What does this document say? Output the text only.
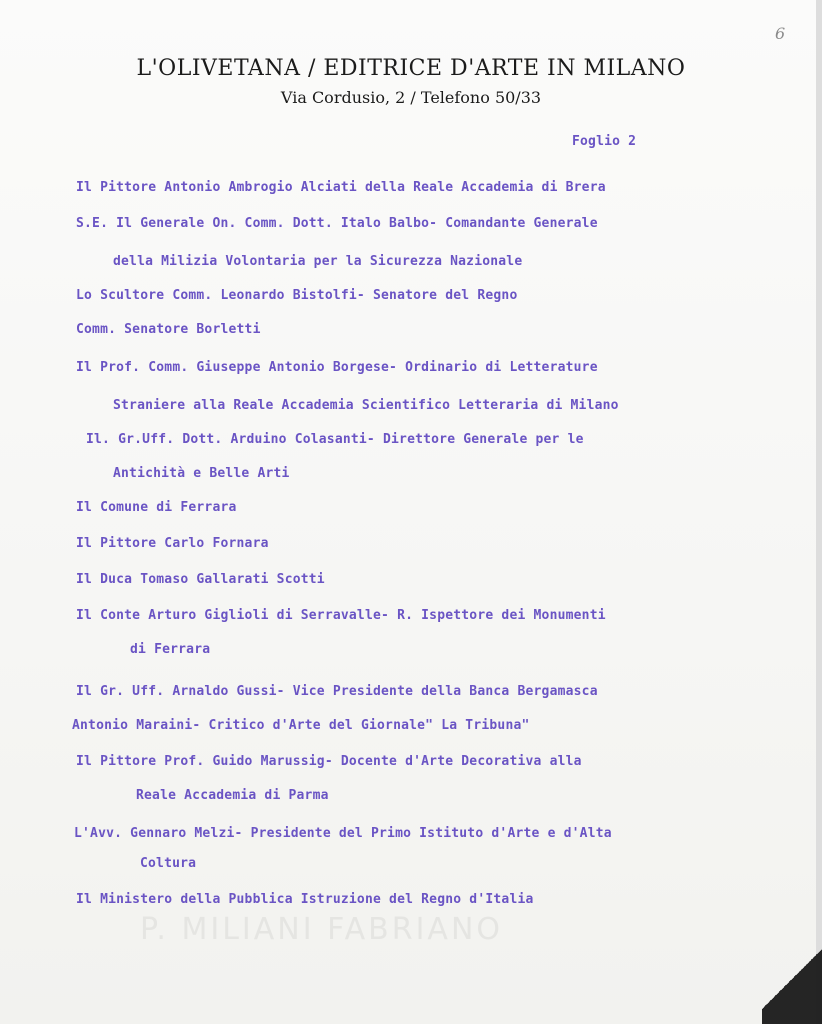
6
L'OLIVETANA / EDITRICE D'ARTE IN MILANO
Via Cordusio, 2 / Telefono 50/33
Foglio 2
Il Pittore Antonio Ambrogio Alciati della Reale Accademia di Brera
S.E. Il Generale On. Comm. Dott. Italo Balbo- Comandante Generale
della Milizia Volontaria per la Sicurezza Nazionale
Lo Scultore Comm. Leonardo Bistolfi- Senatore del Regno
Comm. Senatore Borletti
Il Prof. Comm. Giuseppe Antonio Borgese- Ordinario di Letterature
Straniere alla Reale Accademia Scientifico Letteraria di Milano
Il. Gr.Uff. Dott. Arduino Colasanti- Direttore Generale per le
Antichità e Belle Arti
Il Comune di Ferrara
Il Pittore Carlo Fornara
Il Duca Tomaso Gallarati Scotti
Il Conte Arturo Giglioli di Serravalle- R. Ispettore dei Monumenti
di Ferrara
Il Gr. Uff. Arnaldo Gussi- Vice Presidente della Banca Bergamasca
Antonio Maraini- Critico d'Arte del Giornale" La Tribuna"
Il Pittore Prof. Guido Marussig- Docente d'Arte Decorativa alla
Reale Accademia di Parma
L'Avv. Gennaro Melzi- Presidente del Primo Istituto d'Arte e d'Alta
Coltura
Il Ministero della Pubblica Istruzione del Regno d'Italia
P. MILIANI FABRIANO
